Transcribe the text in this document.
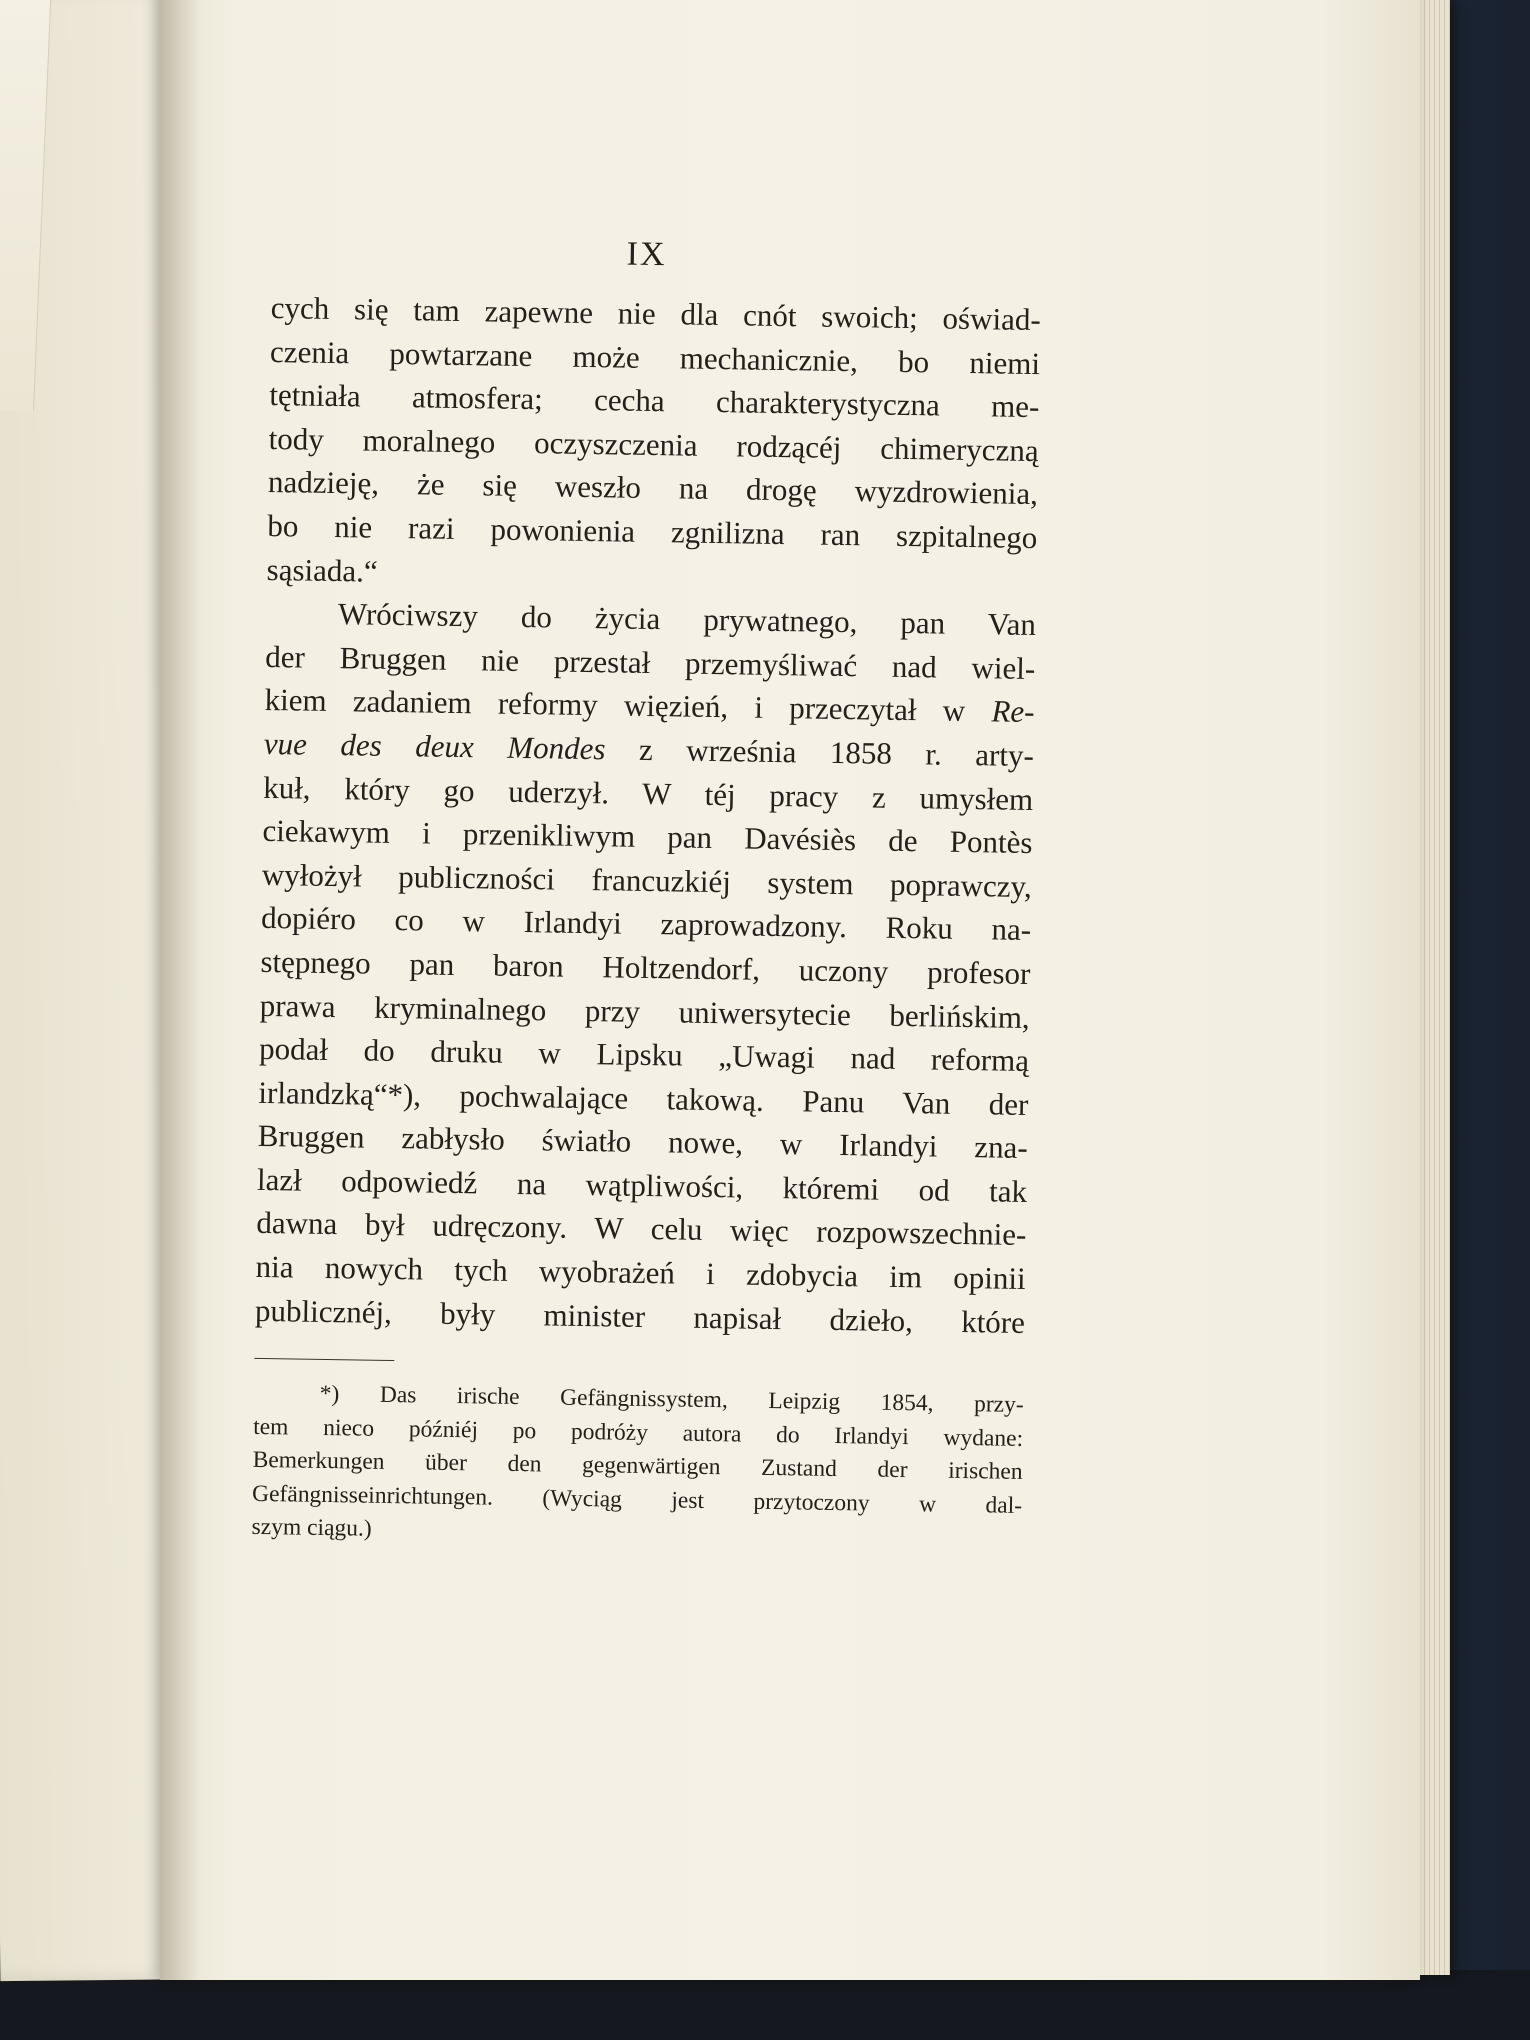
IX
cych się tam zapewne nie dla cnót swoich; oświad-
czenia powtarzane może mechanicznie, bo niemi
tętniała atmosfera; cecha charakterystyczna me-
tody moralnego oczyszczenia rodzącéj chimeryczną
nadzieję, że się weszło na drogę wyzdrowienia,
bo nie razi powonienia zgnilizna ran szpitalnego
sąsiada.“
Wróciwszy do życia prywatnego, pan Van
der Bruggen nie przestał przemyśliwać nad wiel-
kiem zadaniem reformy więzień, i przeczytał w Re-
vue des deux Mondes z września 1858 r. arty-
kuł, który go uderzył. W téj pracy z umysłem
ciekawym i przenikliwym pan Davésiès de Pontès
wyłożył publiczności francuzkiéj system poprawczy,
dopiéro co w Irlandyi zaprowadzony. Roku na-
stępnego pan baron Holtzendorf, uczony profesor
prawa kryminalnego przy uniwersytecie berlińskim,
podał do druku w Lipsku „Uwagi nad reformą
irlandzką“*), pochwalające takową. Panu Van der
Bruggen zabłysło światło nowe, w Irlandyi zna-
lazł odpowiedź na wątpliwości, któremi od tak
dawna był udręczony. W celu więc rozpowszechnie-
nia nowych tych wyobrażeń i zdobycia im opinii
publicznéj, były minister napisał dzieło, które
*) Das irische Gefängnissystem, Leipzig 1854, przy-
tem nieco późniéj po podróży autora do Irlandyi wydane:
Bemerkungen über den gegenwärtigen Zustand der irischen
Gefängnisseinrichtungen. (Wyciąg jest przytoczony w dal-
szym ciągu.)
